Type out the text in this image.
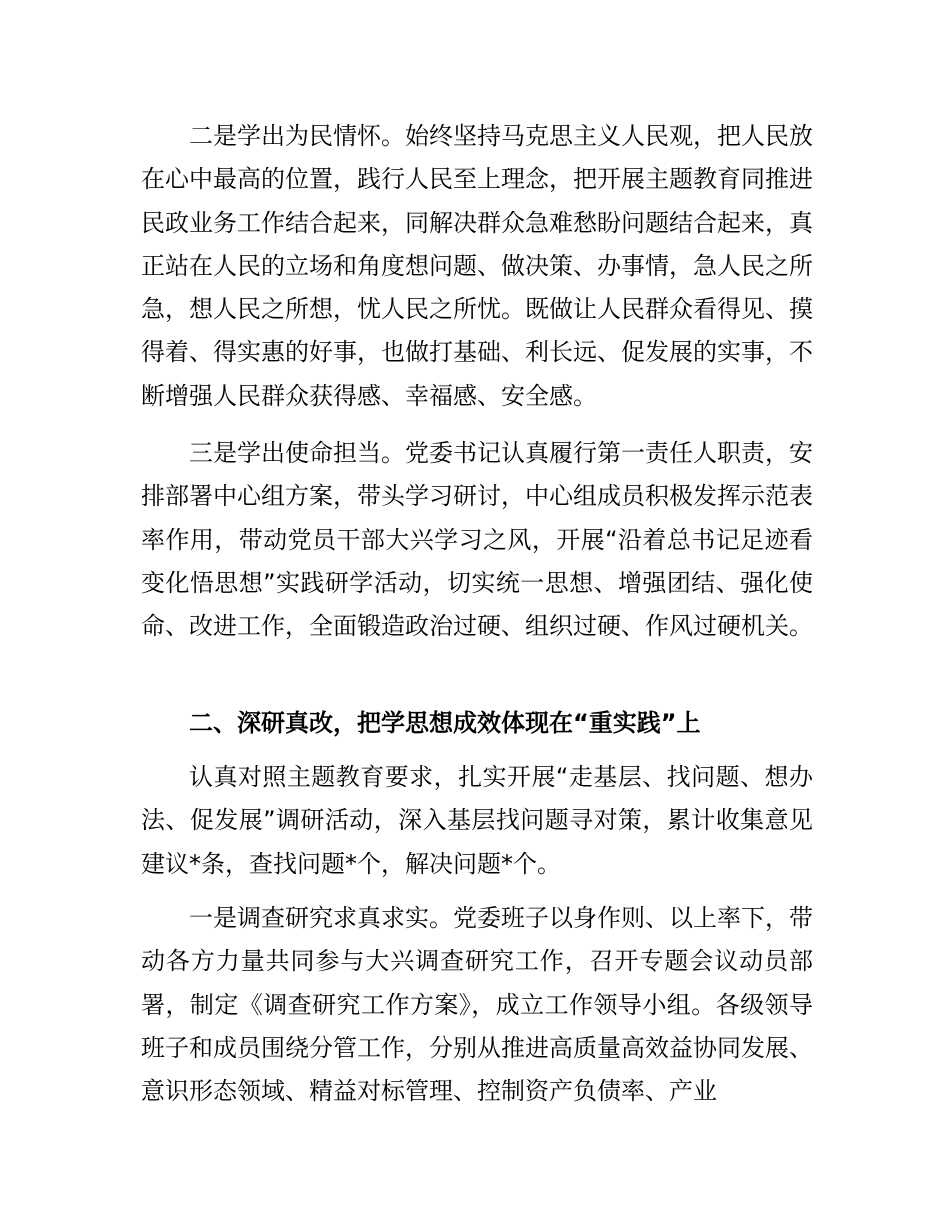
二是学出为民情怀。始终坚持马克思主义人民观，把人民放在心中最高的位置，践行人民至上理念，把开展主题教育同推进民政业务工作结合起来，同解决群众急难愁盼问题结合起来，真正站在人民的立场和角度想问题、做决策、办事情，急人民之所急，想人民之所想，忧人民之所忧。既做让人民群众看得见、摸得着、得实惠的好事，也做打基础、利长远、促发展的实事，不断增强人民群众获得感、幸福感、安全感。

三是学出使命担当。党委书记认真履行第一责任人职责，安排部署中心组方案，带头学习研讨，中心组成员积极发挥示范表率作用，带动党员干部大兴学习之风，开展“沿着总书记足迹看变化悟思想”实践研学活动，切实统一思想、增强团结、强化使命、改进工作，全面锻造政治过硬、组织过硬、作风过硬机关。

二、深研真改，把学思想成效体现在“重实践”上

认真对照主题教育要求，扎实开展“走基层、找问题、想办法、促发展”调研活动，深入基层找问题寻对策，累计收集意见建议*条，查找问题*个，解决问题*个。

一是调查研究求真求实。党委班子以身作则、以上率下，带动各方力量共同参与大兴调查研究工作，召开专题会议动员部署，制定《调查研究工作方案》，成立工作领导小组。各级领导班子和成员围绕分管工作，分别从推进高质量高效益协同发展、意识形态领域、精益对标管理、控制资产负债率、产业
